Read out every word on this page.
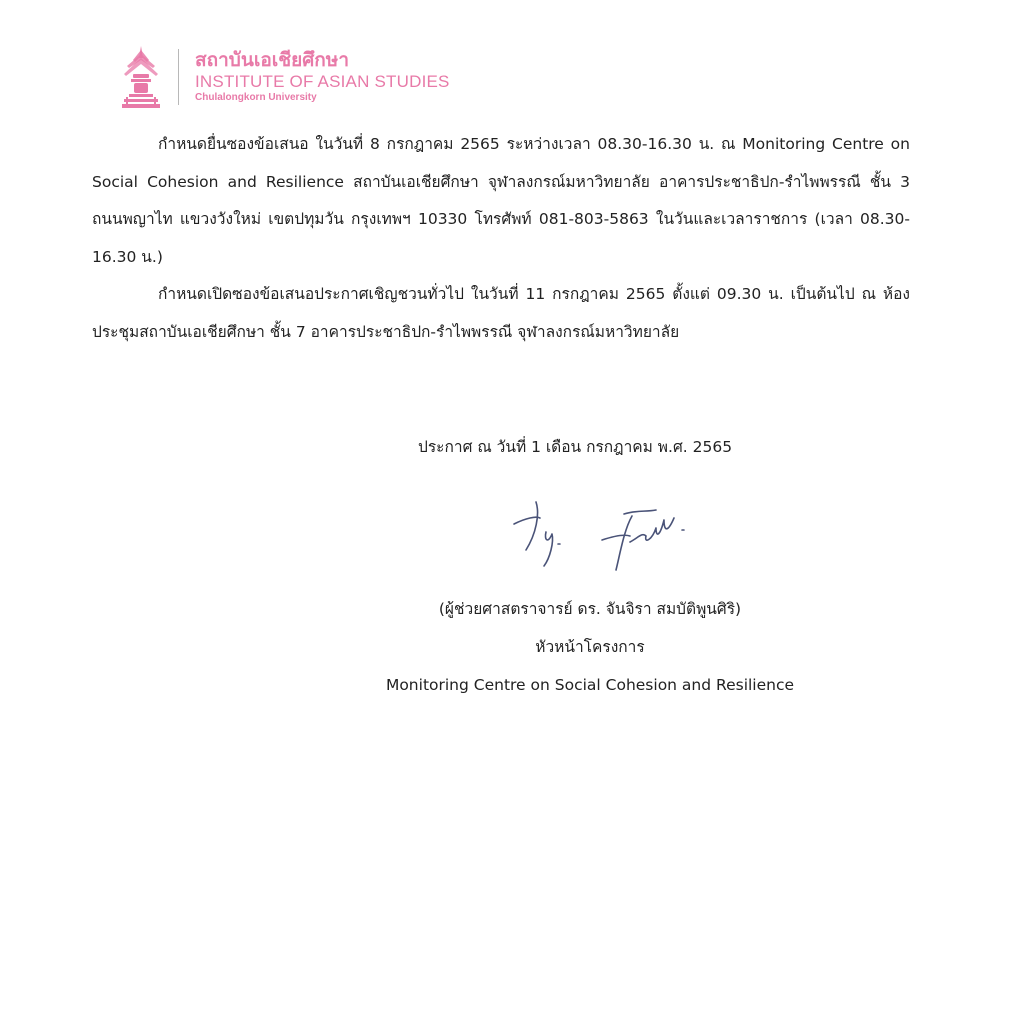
สถาบันเอเชียศึกษา
INSTITUTE OF ASIAN STUDIES
Chulalongkorn University

กำหนดยื่นซองข้อเสนอ ในวันที่ 8 กรกฎาคม 2565 ระหว่างเวลา 08.30-16.30 น. ณ Monitoring Centre on Social Cohesion and Resilience สถาบันเอเชียศึกษา จุฬาลงกรณ์มหาวิทยาลัย อาคารประชาธิปก-รำไพพรรณี ชั้น 3 ถนนพญาไท แขวงวังใหม่ เขตปทุมวัน กรุงเทพฯ 10330 โทรศัพท์ 081-803-5863 ในวันและเวลาราชการ (เวลา 08.30-16.30 น.)

กำหนดเปิดซองข้อเสนอประกาศเชิญชวนทั่วไป ในวันที่ 11 กรกฎาคม 2565 ตั้งแต่ 09.30 น. เป็นต้นไป ณ ห้องประชุมสถาบันเอเชียศึกษา ชั้น 7 อาคารประชาธิปก-รำไพพรรณี จุฬาลงกรณ์มหาวิทยาลัย

ประกาศ ณ วันที่ 1 เดือน กรกฎาคม พ.ศ. 2565
(ผู้ช่วยศาสตราจารย์ ดร. จันจิรา สมบัติพูนศิริ)
หัวหน้าโครงการ
Monitoring Centre on Social Cohesion and Resilience
